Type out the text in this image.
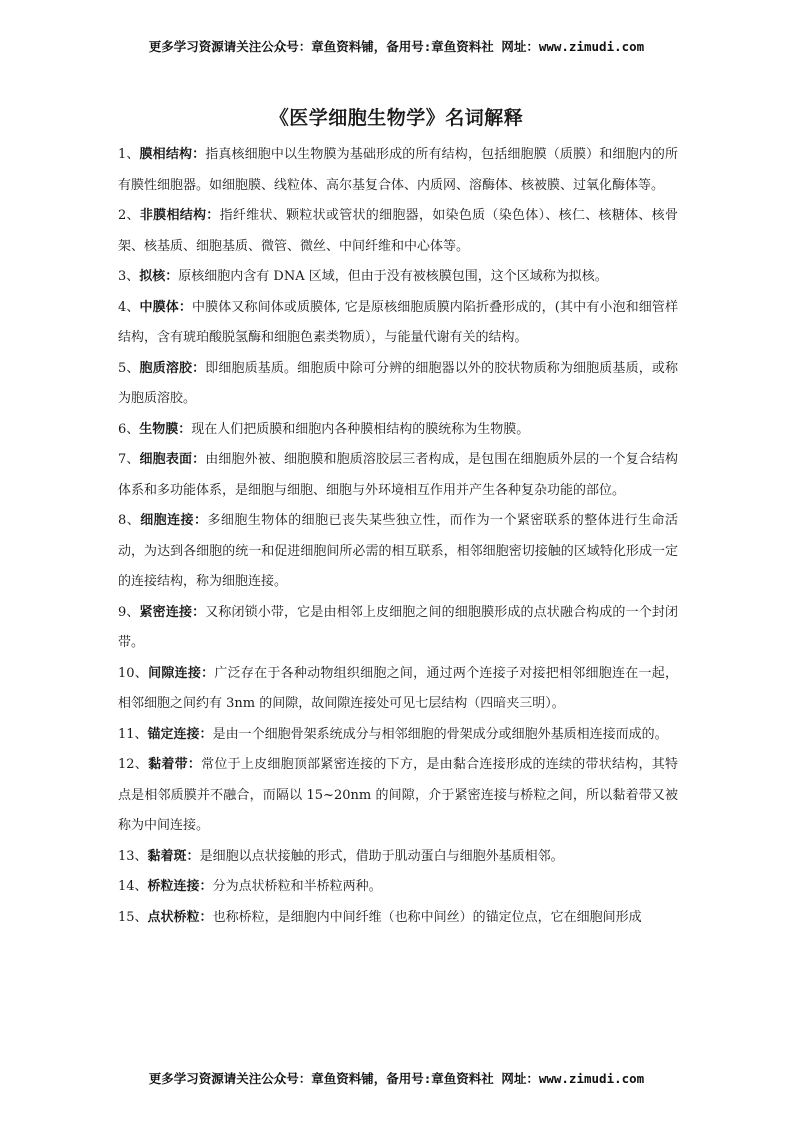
更多学习资源请关注公众号：章鱼资料铺，备用号:章鱼资料社 网址：www.zimudi.com
《医学细胞生物学》名词解释

1、膜相结构：指真核细胞中以生物膜为基础形成的所有结构，包括细胞膜（质膜）和细胞内的所有膜性细胞器。如细胞膜、线粒体、高尔基复合体、内质网、溶酶体、核被膜、过氧化酶体等。

2、非膜相结构：指纤维状、颗粒状或管状的细胞器，如染色质（染色体）、核仁、核糖体、核骨架、核基质、细胞基质、微管、微丝、中间纤维和中心体等。

3、拟核：原核细胞内含有 DNA 区域，但由于没有被核膜包围，这个区域称为拟核。

4、中膜体：中膜体又称间体或质膜体, 它是原核细胞质膜内陷折叠形成的，(其中有小泡和细管样结构，含有琥珀酸脱氢酶和细胞色素类物质），与能量代谢有关的结构。

5、胞质溶胶：即细胞质基质。细胞质中除可分辨的细胞器以外的胶状物质称为细胞质基质，或称为胞质溶胶。

6、生物膜：现在人们把质膜和细胞内各种膜相结构的膜统称为生物膜。

7、细胞表面：由细胞外被、细胞膜和胞质溶胶层三者构成，是包围在细胞质外层的一个复合结构体系和多功能体系，是细胞与细胞、细胞与外环境相互作用并产生各种复杂功能的部位。

8、细胞连接：多细胞生物体的细胞已丧失某些独立性，而作为一个紧密联系的整体进行生命活动，为达到各细胞的统一和促进细胞间所必需的相互联系，相邻细胞密切接触的区域特化形成一定的连接结构，称为细胞连接。

9、紧密连接：又称闭锁小带，它是由相邻上皮细胞之间的细胞膜形成的点状融合构成的一个封闭带。

10、间隙连接：广泛存在于各种动物组织细胞之间，通过两个连接子对接把相邻细胞连在一起，相邻细胞之间约有 3nm 的间隙，故间隙连接处可见七层结构（四暗夹三明）。

11、锚定连接：是由一个细胞骨架系统成分与相邻细胞的骨架成分或细胞外基质相连接而成的。

12、黏着带：常位于上皮细胞顶部紧密连接的下方，是由黏合连接形成的连续的带状结构，其特点是相邻质膜并不融合，而隔以 15~20nm 的间隙，介于紧密连接与桥粒之间，所以黏着带又被称为中间连接。

13、黏着斑：是细胞以点状接触的形式，借助于肌动蛋白与细胞外基质相邻。

14、桥粒连接：分为点状桥粒和半桥粒两种。

15、点状桥粒：也称桥粒，是细胞内中间纤维（也称中间丝）的锚定位点，它在细胞间形成

更多学习资源请关注公众号：章鱼资料铺，备用号:章鱼资料社 网址：www.zimudi.com
